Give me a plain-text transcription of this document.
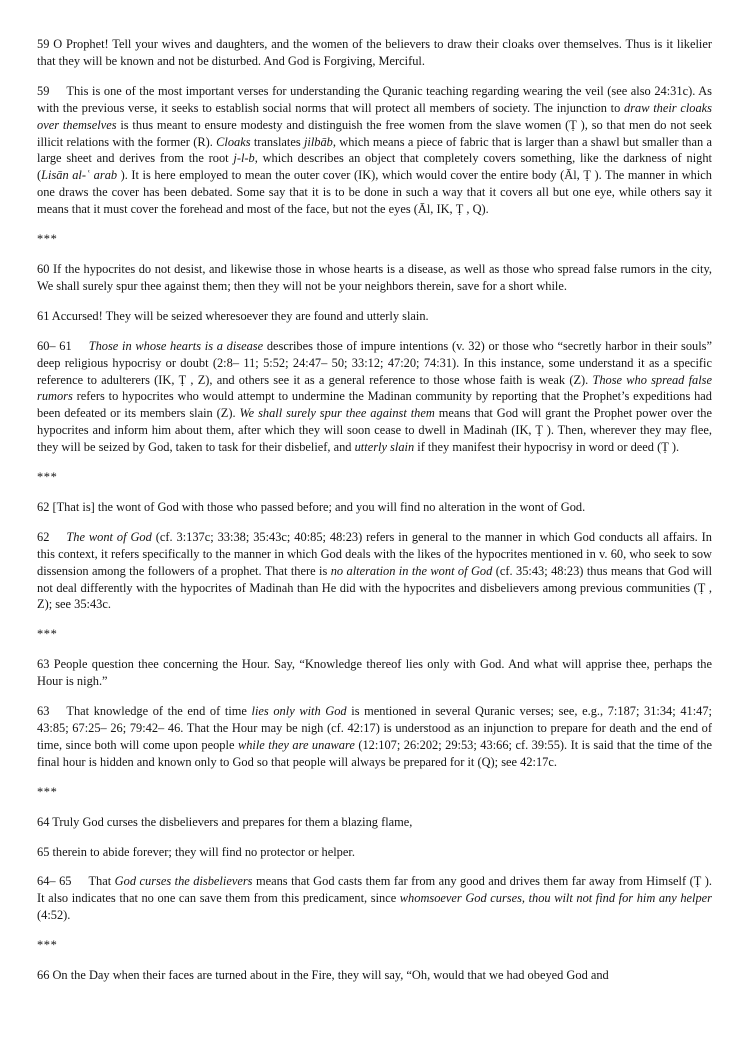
59 O Prophet! Tell your wives and daughters, and the women of the believers to draw their cloaks over themselves. Thus is it likelier that they will be known and not be disturbed. And God is Forgiving, Merciful.
59 This is one of the most important verses for understanding the Quranic teaching regarding wearing the veil (see also 24:31c). As with the previous verse, it seeks to establish social norms that will protect all members of society. The injunction to draw their cloaks over themselves is thus meant to ensure modesty and distinguish the free women from the slave women (Ṭ ), so that men do not seek illicit relations with the former (R). Cloaks translates jilbāb, which means a piece of fabric that is larger than a shawl but smaller than a large sheet and derives from the root j-l-b, which describes an object that completely covers something, like the darkness of night (Lisān al-ʿ arab ). It is here employed to mean the outer cover (IK), which would cover the entire body (Āl, Ṭ ). The manner in which one draws the cover has been debated. Some say that it is to be done in such a way that it covers all but one eye, while others say it means that it must cover the forehead and most of the face, but not the eyes (Āl, IK, Ṭ , Q).
***
60 If the hypocrites do not desist, and likewise those in whose hearts is a disease, as well as those who spread false rumors in the city, We shall surely spur thee against them; then they will not be your neighbors therein, save for a short while.
61 Accursed! They will be seized wheresoever they are found and utterly slain.
60– 61 Those in whose hearts is a disease describes those of impure intentions (v. 32) or those who “secretly harbor in their souls” deep religious hypocrisy or doubt (2:8– 11; 5:52; 24:47– 50; 33:12; 47:20; 74:31). In this instance, some understand it as a specific reference to adulterers (IK, Ṭ , Z), and others see it as a general reference to those whose faith is weak (Z). Those who spread false rumors refers to hypocrites who would attempt to undermine the Madinan community by reporting that the Prophet’s expeditions had been defeated or its members slain (Z). We shall surely spur thee against them means that God will grant the Prophet power over the hypocrites and inform him about them, after which they will soon cease to dwell in Madinah (IK, Ṭ ). Then, wherever they may flee, they will be seized by God, taken to task for their disbelief, and utterly slain if they manifest their hypocrisy in word or deed (Ṭ ).
***
62 [That is] the wont of God with those who passed before; and you will find no alteration in the wont of God.
62 The wont of God (cf. 3:137c; 33:38; 35:43c; 40:85; 48:23) refers in general to the manner in which God conducts all affairs. In this context, it refers specifically to the manner in which God deals with the likes of the hypocrites mentioned in v. 60, who seek to sow dissension among the followers of a prophet. That there is no alteration in the wont of God (cf. 35:43; 48:23) thus means that God will not deal differently with the hypocrites of Madinah than He did with the hypocrites and disbelievers among previous communities (Ṭ , Z); see 35:43c.
***
63 People question thee concerning the Hour. Say, “Knowledge thereof lies only with God. And what will apprise thee, perhaps the Hour is nigh.”
63 That knowledge of the end of time lies only with God is mentioned in several Quranic verses; see, e.g., 7:187; 31:34; 41:47; 43:85; 67:25– 26; 79:42– 46. That the Hour may be nigh (cf. 42:17) is understood as an injunction to prepare for death and the end of time, since both will come upon people while they are unaware (12:107; 26:202; 29:53; 43:66; cf. 39:55). It is said that the time of the final hour is hidden and known only to God so that people will always be prepared for it (Q); see 42:17c.
***
64 Truly God curses the disbelievers and prepares for them a blazing flame,
65 therein to abide forever; they will find no protector or helper.
64– 65 That God curses the disbelievers means that God casts them far from any good and drives them far away from Himself (Ṭ ). It also indicates that no one can save them from this predicament, since whomsoever God curses, thou wilt not find for him any helper (4:52).
***
66 On the Day when their faces are turned about in the Fire, they will say, “Oh, would that we had obeyed God and
